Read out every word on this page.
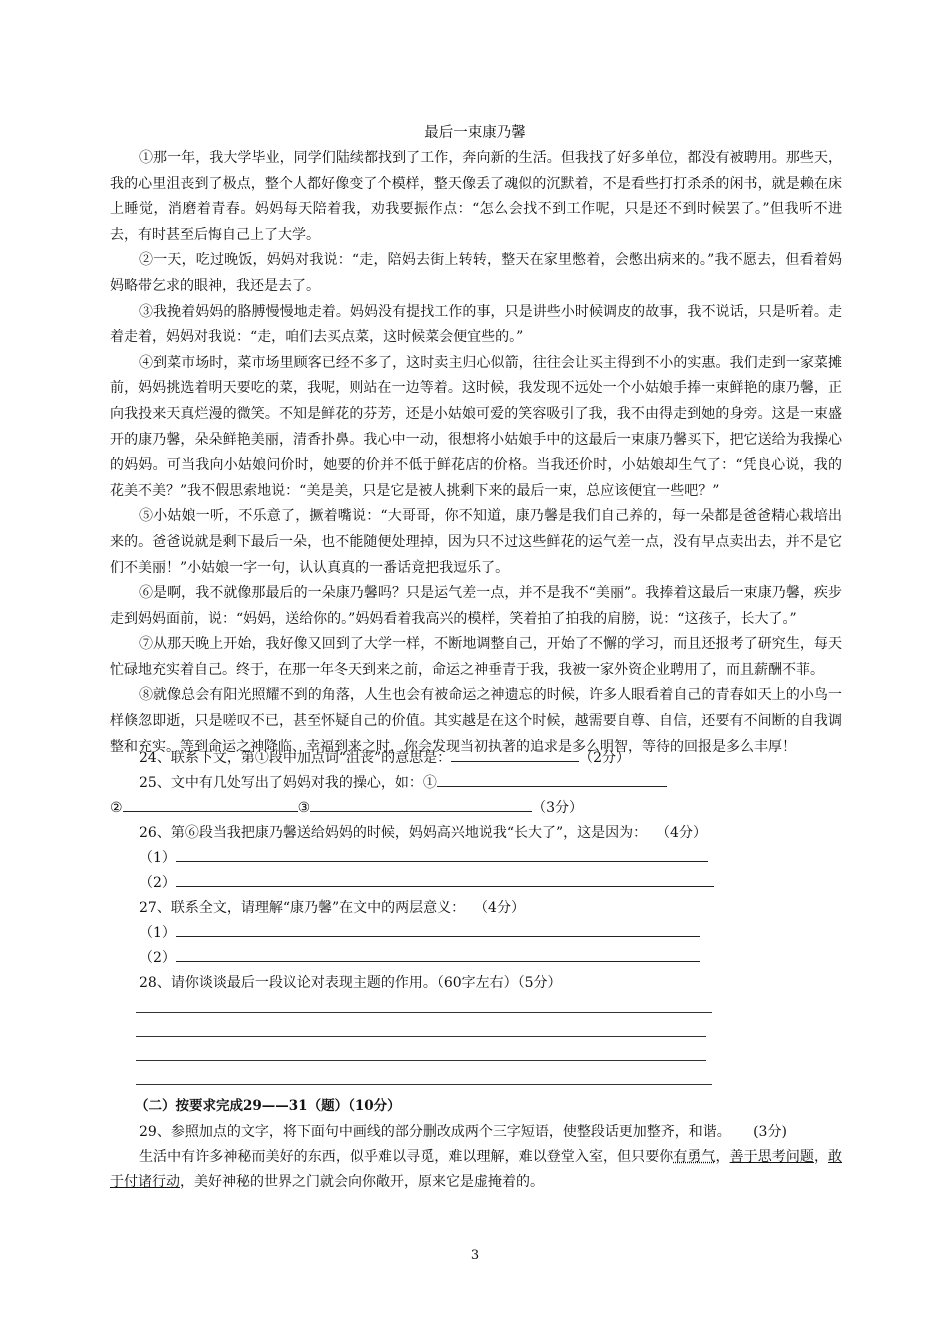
最后一束康乃馨

①那一年，我大学毕业，同学们陆续都找到了工作，奔向新的生活。但我找了好多单位，都没有被聘用。那些天，我的心里沮丧到了极点，整个人都好像变了个模样，整天像丢了魂似的沉默着，不是看些打打杀杀的闲书，就是赖在床上睡觉，消磨着青春。妈妈每天陪着我，劝我要振作点：“怎么会找不到工作呢，只是还不到时候罢了。”但我听不进去，有时甚至后悔自己上了大学。

②一天，吃过晚饭，妈妈对我说：“走，陪妈去街上转转，整天在家里憋着，会憋出病来的。”我不愿去，但看着妈妈略带乞求的眼神，我还是去了。

③我挽着妈妈的胳膊慢慢地走着。妈妈没有提找工作的事，只是讲些小时候调皮的故事，我不说话，只是听着。走着走着，妈妈对我说：“走，咱们去买点菜，这时候菜会便宜些的。”

④到菜市场时，菜市场里顾客已经不多了，这时卖主归心似箭，往往会让买主得到不小的实惠。我们走到一家菜摊前，妈妈挑选着明天要吃的菜，我呢，则站在一边等着。这时候，我发现不远处一个小姑娘手捧一束鲜艳的康乃馨，正向我投来天真烂漫的微笑。不知是鲜花的芬芳，还是小姑娘可爱的笑容吸引了我，我不由得走到她的身旁。这是一束盛开的康乃馨，朵朵鲜艳美丽，清香扑鼻。我心中一动，很想将小姑娘手中的这最后一束康乃馨买下，把它送给为我操心的妈妈。可当我向小姑娘问价时，她要的价并不低于鲜花店的价格。当我还价时，小姑娘却生气了：“凭良心说，我的花美不美？”我不假思索地说：“美是美，只是它是被人挑剩下来的最后一束，总应该便宜一些吧？”

⑤小姑娘一听，不乐意了，撅着嘴说：“大哥哥，你不知道，康乃馨是我们自己养的，每一朵都是爸爸精心栽培出来的。爸爸说就是剩下最后一朵，也不能随便处理掉，因为只不过这些鲜花的运气差一点，没有早点卖出去，并不是它们不美丽！”小姑娘一字一句，认认真真的一番话竟把我逗乐了。

⑥是啊，我不就像那最后的一朵康乃馨吗？只是运气差一点，并不是我不“美丽”。我捧着这最后一束康乃馨，疾步走到妈妈面前，说：“妈妈，送给你的。”妈妈看着我高兴的模样，笑着拍了拍我的肩膀，说：“这孩子，长大了。”

⑦从那天晚上开始，我好像又回到了大学一样，不断地调整自己，开始了不懈的学习，而且还报考了研究生，每天忙碌地充实着自己。终于，在那一年冬天到来之前，命运之神垂青于我，我被一家外资企业聘用了，而且薪酬不菲。

⑧就像总会有阳光照耀不到的角落，人生也会有被命运之神遗忘的时候，许多人眼看着自己的青春如天上的小鸟一样倏忽即逝，只是嗟叹不已，甚至怀疑自己的价值。其实越是在这个时候，越需要自尊、自信，还要有不间断的自我调整和充实。等到命运之神降临、幸福到来之时，你会发现当初执著的追求是多么明智，等待的回报是多么丰厚！

24、联系下文，第①段中加点词“沮丧”的意思是：	（2分）

25、文中有几处写出了妈妈对我的操心，如：①

②	③	（3分）

26、第⑥段当我把康乃馨送给妈妈的时候，妈妈高兴地说我“长大了”，这是因为： （4分）

（1）

（2）

27、联系全文，请理解“康乃馨”在文中的两层意义： （4分）

（1）

（2）

28、请你谈谈最后一段议论对表现主题的作用。（60字左右）（5分）

（二）按要求完成29——31（题）（10分）

29、参照加点的文字，将下面句中画线的部分删改成两个三字短语，使整段话更加整齐，和谐。 (3分)

生活中有许多神秘而美好的东西，似乎难以寻觅，难以理解，难以登堂入室，但只要你有勇气，善于思考问题，敢于付诸行动，美好神秘的世界之门就会向你敞开，原来它是虚掩着的。

3
